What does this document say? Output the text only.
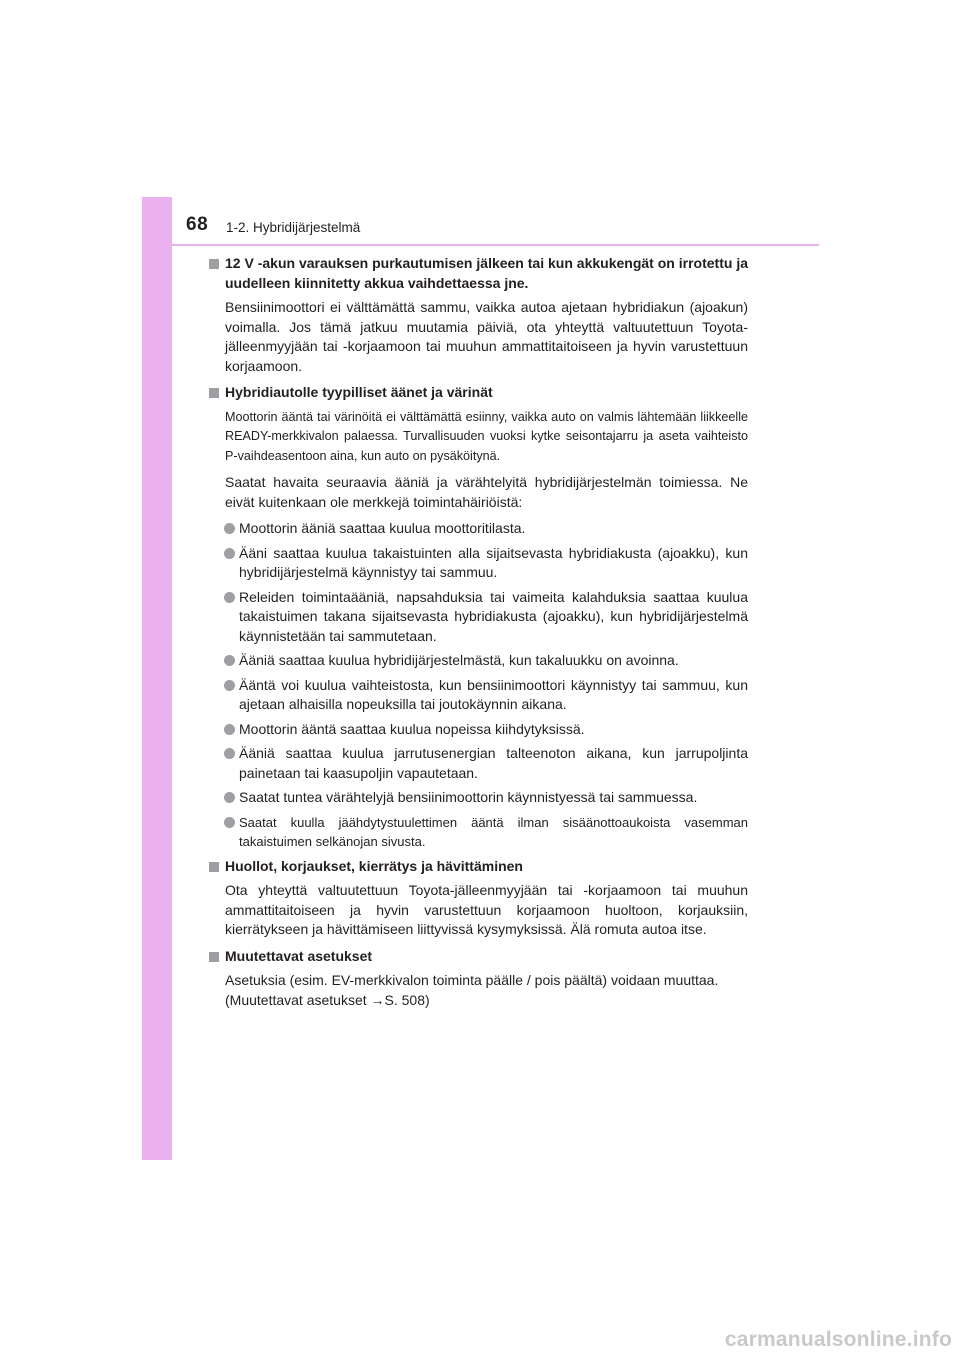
68 1-2. Hybridijärjestelmä
12 V -akun varauksen purkautumisen jälkeen tai kun akkukengät on irrotettu ja uudelleen kiinnitetty akkua vaihdettaessa jne.
Bensiinimoottori ei välttämättä sammu, vaikka autoa ajetaan hybridiakun (ajoakun) voimalla. Jos tämä jatkuu muutamia päiviä, ota yhteyttä valtuutettuun Toyota-jälleenmyyjään tai -korjaamoon tai muuhun ammattitaitoiseen ja hyvin varustettuun korjaamoon.
Hybridiautolle tyypilliset äänet ja värinät
Moottorin ääntä tai värinöitä ei välttämättä esiinny, vaikka auto on valmis lähtemään liikkeelle READY-merkkivalon palaessa. Turvallisuuden vuoksi kytke seisontajarru ja aseta vaihteisto P-vaihdeasentoon aina, kun auto on pysäköitynä.
Saatat havaita seuraavia ääniä ja värähtelyitä hybridijärjestelmän toimiessa. Ne eivät kuitenkaan ole merkkejä toimintahäiriöistä:
Moottorin ääniä saattaa kuulua moottoritilasta.
Ääni saattaa kuulua takaistuinten alla sijaitsevasta hybridiakusta (ajoakku), kun hybridijärjestelmä käynnistyy tai sammuu.
Releiden toimintaääniä, napsahduksia tai vaimeita kalahduksia saattaa kuulua takaistuimen takana sijaitsevasta hybridiakusta (ajoakku), kun hybridijärjestelmä käynnistetään tai sammutetaan.
Ääniä saattaa kuulua hybridijärjestelmästä, kun takaluukku on avoinna.
Ääntä voi kuulua vaihteistosta, kun bensiinimoottori käynnistyy tai sammuu, kun ajetaan alhaisilla nopeuksilla tai joutokäynnin aikana.
Moottorin ääntä saattaa kuulua nopeissa kiihdytyksissä.
Ääniä saattaa kuulua jarrutusenergian talteenoton aikana, kun jarrupoljinta painetaan tai kaasupoljin vapautetaan.
Saatat tuntea värähtelyjä bensiinimoottorin käynnistyessä tai sammuessa.
Saatat kuulla jäähdytystuulettimen ääntä ilman sisäänottoaukoista vasemman takaistuimen selkänojan sivusta.
Huollot, korjaukset, kierrätys ja hävittäminen
Ota yhteyttä valtuutettuun Toyota-jälleenmyyjään tai -korjaamoon tai muuhun ammattitaitoiseen ja hyvin varustettuun korjaamoon huoltoon, korjauksiin, kierrätykseen ja hävittämiseen liittyvissä kysymyksissä. Älä romuta autoa itse.
Muutettavat asetukset
Asetuksia (esim. EV-merkkivalon toiminta päälle / pois päältä) voidaan muuttaa.
(Muutettavat asetukset →S. 508)
carmanualsonline.info
